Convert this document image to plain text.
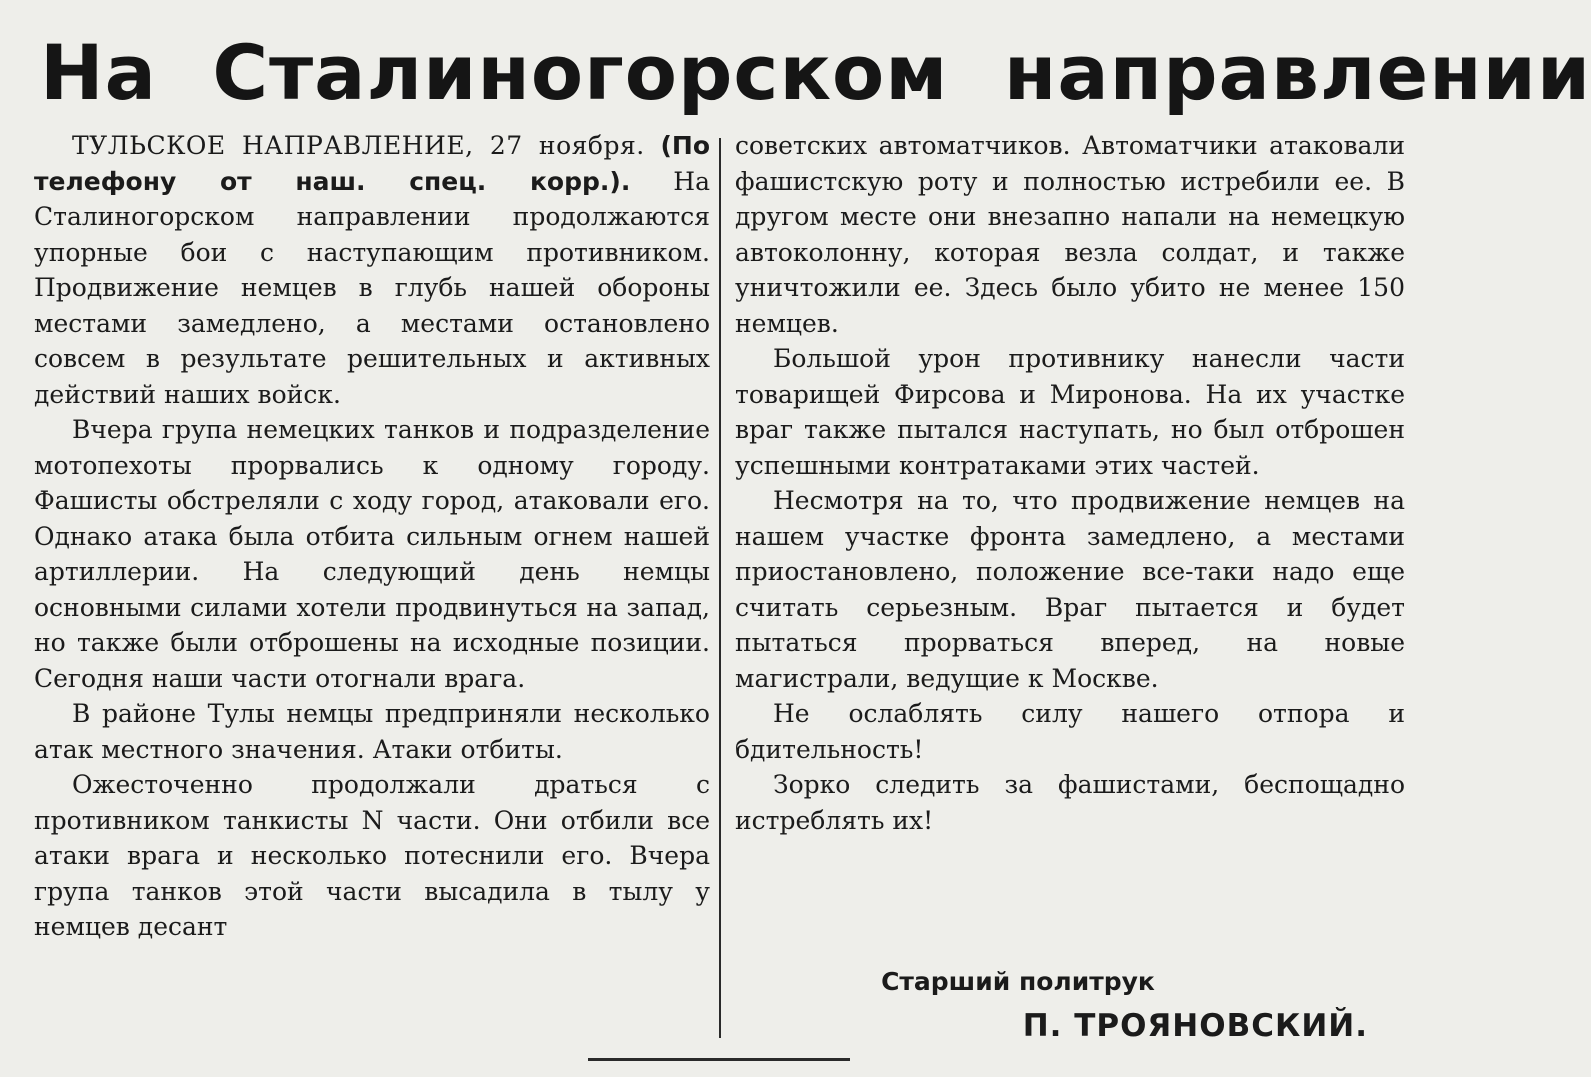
На Сталиногорском направлении

ТУЛЬСКОЕ НАПРАВЛЕНИЕ, 27 ноября. (По телефону от наш. спец. корр.). На Сталиногорском направлении продолжаются упорные бои с наступающим противником. Продвижение немцев в глубь нашей обороны местами замедлено, а местами остановлено совсем в результате решительных и активных действий наших войск.

Вчера група немецких танков и подразделение мотопехоты прорвались к одному городу. Фашисты обстреляли с ходу город, атаковали его. Однако атака была отбита сильным огнем нашей артиллерии. На следующий день немцы основными силами хотели продвинуться на запад, но также были отброшены на исходные позиции. Сегодня наши части отогнали врага.

В районе Тулы немцы предприняли несколько атак местного значения. Атаки отбиты.

Ожесточенно продолжали драться с противником танкисты N части. Они отбили все атаки врага и несколько потеснили его. Вчера група танков этой части высадила в тылу у немцев десант

советских автоматчиков. Автоматчики атаковали фашистскую роту и полностью истребили ее. В другом месте они внезапно напали на немецкую автоколонну, которая везла солдат, и также уничтожили ее. Здесь было убито не менее 150 немцев.

Большой урон противнику нанесли части товарищей Фирсова и Миронова. На их участке враг также пытался наступать, но был отброшен успешными контратаками этих частей.

Несмотря на то, что продвижение немцев на нашем участке фронта замедлено, а местами приостановлено, положение все-таки надо еще считать серьезным. Враг пытается и будет пытаться прорваться вперед, на новые магистрали, ведущие к Москве.

Не ослаблять силу нашего отпора и бдительность!

Зорко следить за фашистами, беспощадно истреблять их!

Старший политрук
П. ТРОЯНОВСКИЙ.
